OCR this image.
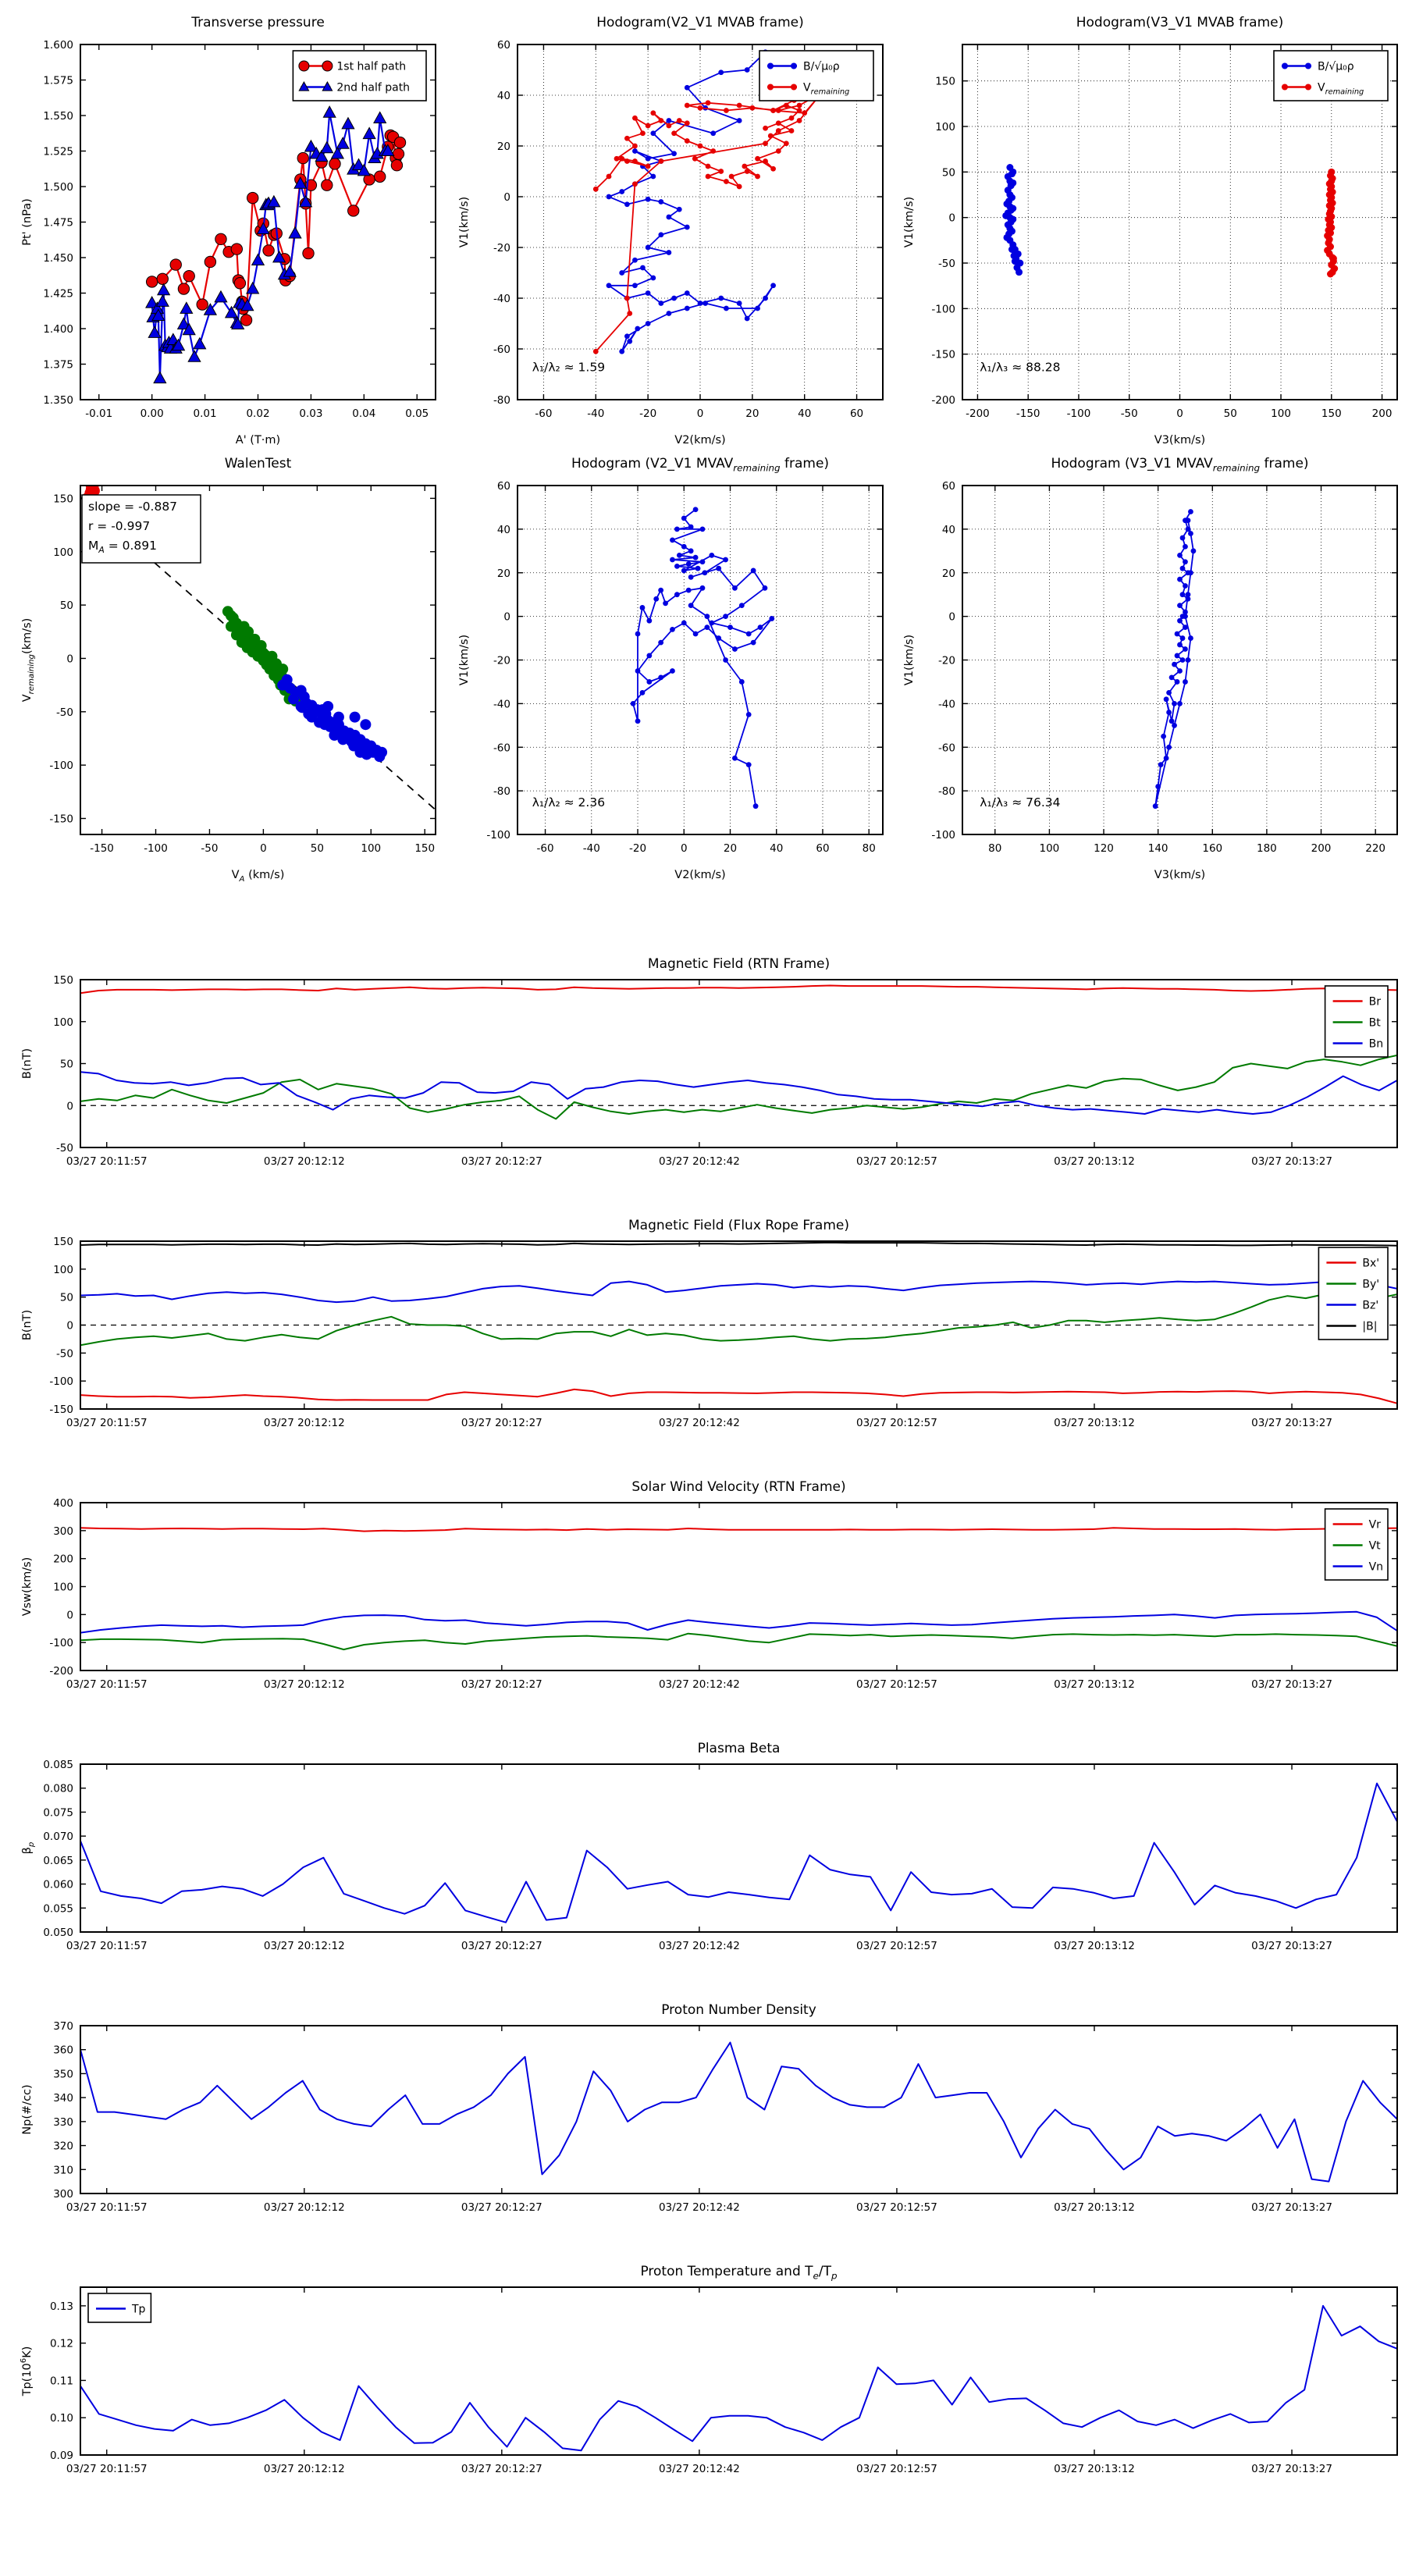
Transverse pressure
-0.01	0.00	0.01	0.02	0.03	0.04	0.05
1.350
1.375
1.400
1.425
1.450
1.475
1.500
1.525
1.550
1.575
1.600
A' (T·m)
Pt' (nPa)
1st half path
2nd half path
Hodogram(V2_V1 MVAB frame)
-60	-40	-20	0	20	40	60
-80
-60
-40
-20
0
20
40
60
V2(km/s)
V1(km/s)
λ₁/λ₂ ≈ 1.59
B/√μ₀ρ
$V_{remaining}$
Hodogram(V3_V1 MVAB frame)
-200	-150	-100	-50	0	50	100	150	200
-200
-150
-100
-50
0
50
100
150
V3(km/s)
V1(km/s)
λ₁/λ₃ ≈ 88.28
B/√μ₀ρ
$V_{remaining}$
WalenTest
-150	-100	-50	0	50	100	150
-150
-100
-50
0
50
100
150
$V_A$ (km/s)
$V_{remaining}(km/s)$
slope = -0.887
r = -0.997
$M_A = 0.891$
Hodogram (V2_V1 $MVAV_{remaining}$ frame)
-60	-40	-20	0	20	40	60	80
-100
-80
-60
-40
-20
0
20
40
60
V2(km/s)
V1(km/s)
λ₁/λ₂ ≈ 2.36
Hodogram (V3_V1 $MVAV_{remaining}$ frame)
80	100	120	140	160	180	200	220
-100
-80
-60
-40
-20
0
20
40
60
V3(km/s)
V1(km/s)
λ₁/λ₃ ≈ 76.34
Magnetic Field (RTN Frame)
03/27 20:11:57	03/27 20:12:12	03/27 20:12:27	03/27 20:12:42	03/27 20:12:57	03/27 20:13:12	03/27 20:13:27
-50
0
50
100
150
B(nT)
Br
Bt
Bn
Magnetic Field (Flux Rope Frame)
03/27 20:11:57	03/27 20:12:12	03/27 20:12:27	03/27 20:12:42	03/27 20:12:57	03/27 20:13:12	03/27 20:13:27
-150
-100
-50
0
50
100
150
B(nT)
Bx'
By'
Bz'
|B|
Solar Wind Velocity (RTN Frame)
03/27 20:11:57	03/27 20:12:12	03/27 20:12:27	03/27 20:12:42	03/27 20:12:57	03/27 20:13:12	03/27 20:13:27
-200
-100
0
100
200
300
400
Vsw(km/s)
Vr
Vt
Vn
Plasma Beta
03/27 20:11:57	03/27 20:12:12	03/27 20:12:27	03/27 20:12:42	03/27 20:12:57	03/27 20:13:12	03/27 20:13:27
0.050
0.055
0.060
0.065
0.070
0.075
0.080
0.085
$\beta_p$
Proton Number Density
03/27 20:11:57	03/27 20:12:12	03/27 20:12:27	03/27 20:12:42	03/27 20:12:57	03/27 20:13:12	03/27 20:13:27
300
310
320
330
340
350
360
370
Np(#/cc)
Proton Temperature and $T_e/T_p$
03/27 20:11:57	03/27 20:12:12	03/27 20:12:27	03/27 20:12:42	03/27 20:12:57	03/27 20:13:12	03/27 20:13:27
0.09
0.10
0.11
0.12
0.13
$Tp(10^6K)$
Tp
